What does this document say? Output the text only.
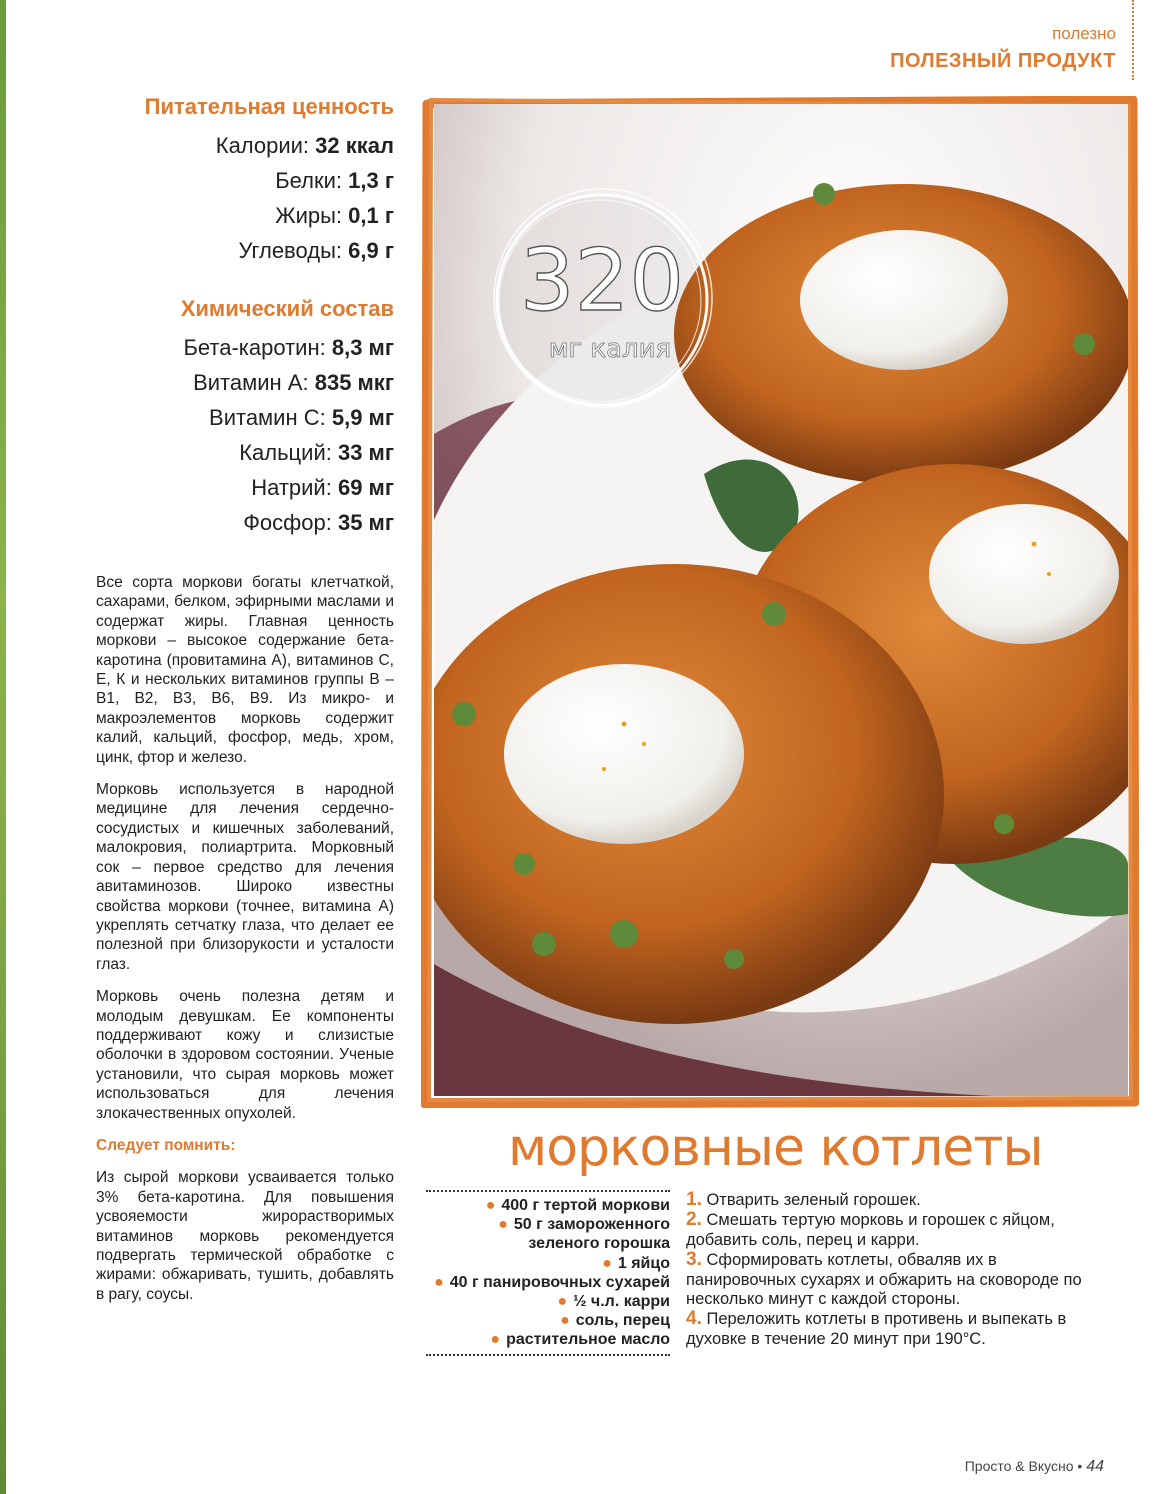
полезно
ПОЛЕЗНЫЙ ПРОДУКТ
Питательная ценность
Калории: 32 ккал
Белки: 1,3 г
Жиры: 0,1 г
Углеводы: 6,9 г
Химический состав
Бета-каротин: 8,3 мг
Витамин А: 835 мкг
Витамин С: 5,9 мг
Кальций: 33 мг
Натрий: 69 мг
Фосфор: 35 мг

Все сорта моркови богаты клетчаткой, сахарами, белком, эфирными маслами и содержат жиры. Главная ценность моркови – высокое содержание бета-каротина (провитамина А), витаминов С, Е, К и нескольких витаминов группы В – В1, В2, В3, В6, В9. Из микро- и макроэлементов морковь содержит калий, кальций, фосфор, медь, хром, цинк, фтор и железо.

Морковь используется в народной медицине для лечения сердечно-сосудистых и кишечных заболеваний, малокровия, полиартрита. Морковный сок – первое средство для лечения авитаминозов. Широко известны свойства моркови (точнее, витамина А) укреплять сетчатку глаза, что делает ее полезной при близорукости и усталости глаз.

Морковь очень полезна детям и молодым девушкам. Ее компоненты поддерживают кожу и слизистые оболочки в здоровом состоянии. Ученые установили, что сырая морковь может использоваться для лечения злокачественных опухолей.

Следует помнить:

Из сырой моркови усваивается только 3% бета-каротина. Для повышения усвояемости жирорастворимых витаминов морковь рекомендуется подвергать термической обработке с жирами: обжаривать, тушить, добавлять в рагу, соусы.

320
мг калия
морковные котлеты
● 400 г тертой моркови
● 50 г замороженного зеленого горошка
● 1 яйцо
● 40 г панировочных сухарей
● ½ ч.л. карри
● соль, перец
● растительное масло

1. Отварить зеленый горошек.

2. Смешать тертую морковь и горошек с яйцом, добавить соль, перец и карри.

3. Сформировать котлеты, обваляв их в панировочных сухарях и обжарить на сковороде по несколько минут с каждой стороны.

4. Переложить котлеты в противень и выпекать в духовке в течение 20 минут при 190°С.

Просто & Вкусно • 44
